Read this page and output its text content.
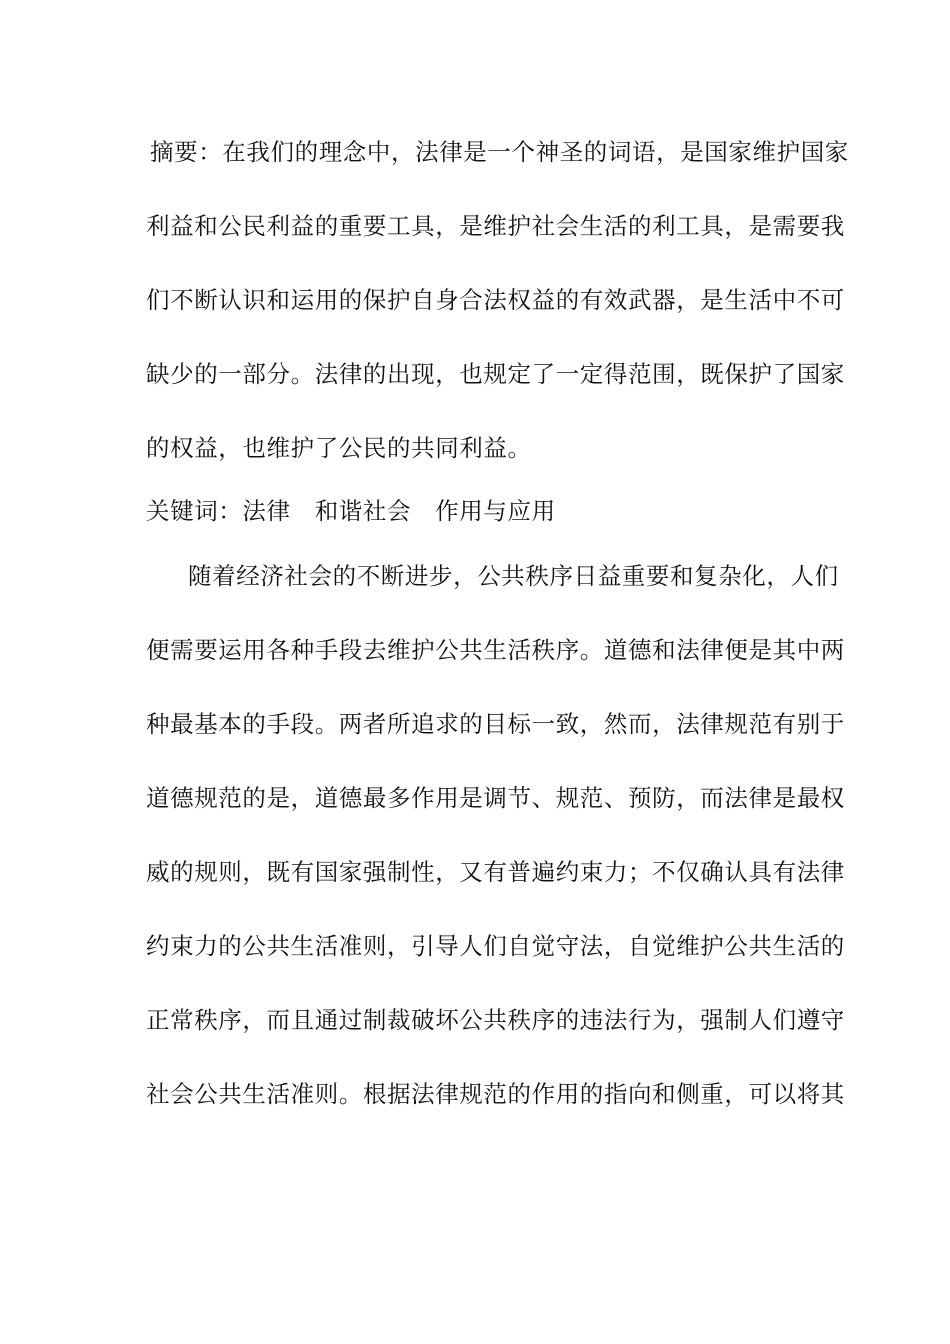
摘要：在我们的理念中，法律是一个神圣的词语，是国家维护国家
利益和公民利益的重要工具，是维护社会生活的利工具，是需要我
们不断认识和运用的保护自身合法权益的有效武器，是生活中不可
缺少的一部分。法律的出现，也规定了一定得范围，既保护了国家
的权益，也维护了公民的共同利益。
关键词：法律　和谐社会　作用与应用
随着经济社会的不断进步，公共秩序日益重要和复杂化，人们
便需要运用各种手段去维护公共生活秩序。道德和法律便是其中两
种最基本的手段。两者所追求的目标一致，然而，法律规范有别于
道德规范的是，道德最多作用是调节、规范、预防，而法律是最权
威的规则，既有国家强制性，又有普遍约束力；不仅确认具有法律
约束力的公共生活准则，引导人们自觉守法，自觉维护公共生活的
正常秩序，而且通过制裁破坏公共秩序的违法行为，强制人们遵守
社会公共生活准则。根据法律规范的作用的指向和侧重，可以将其
